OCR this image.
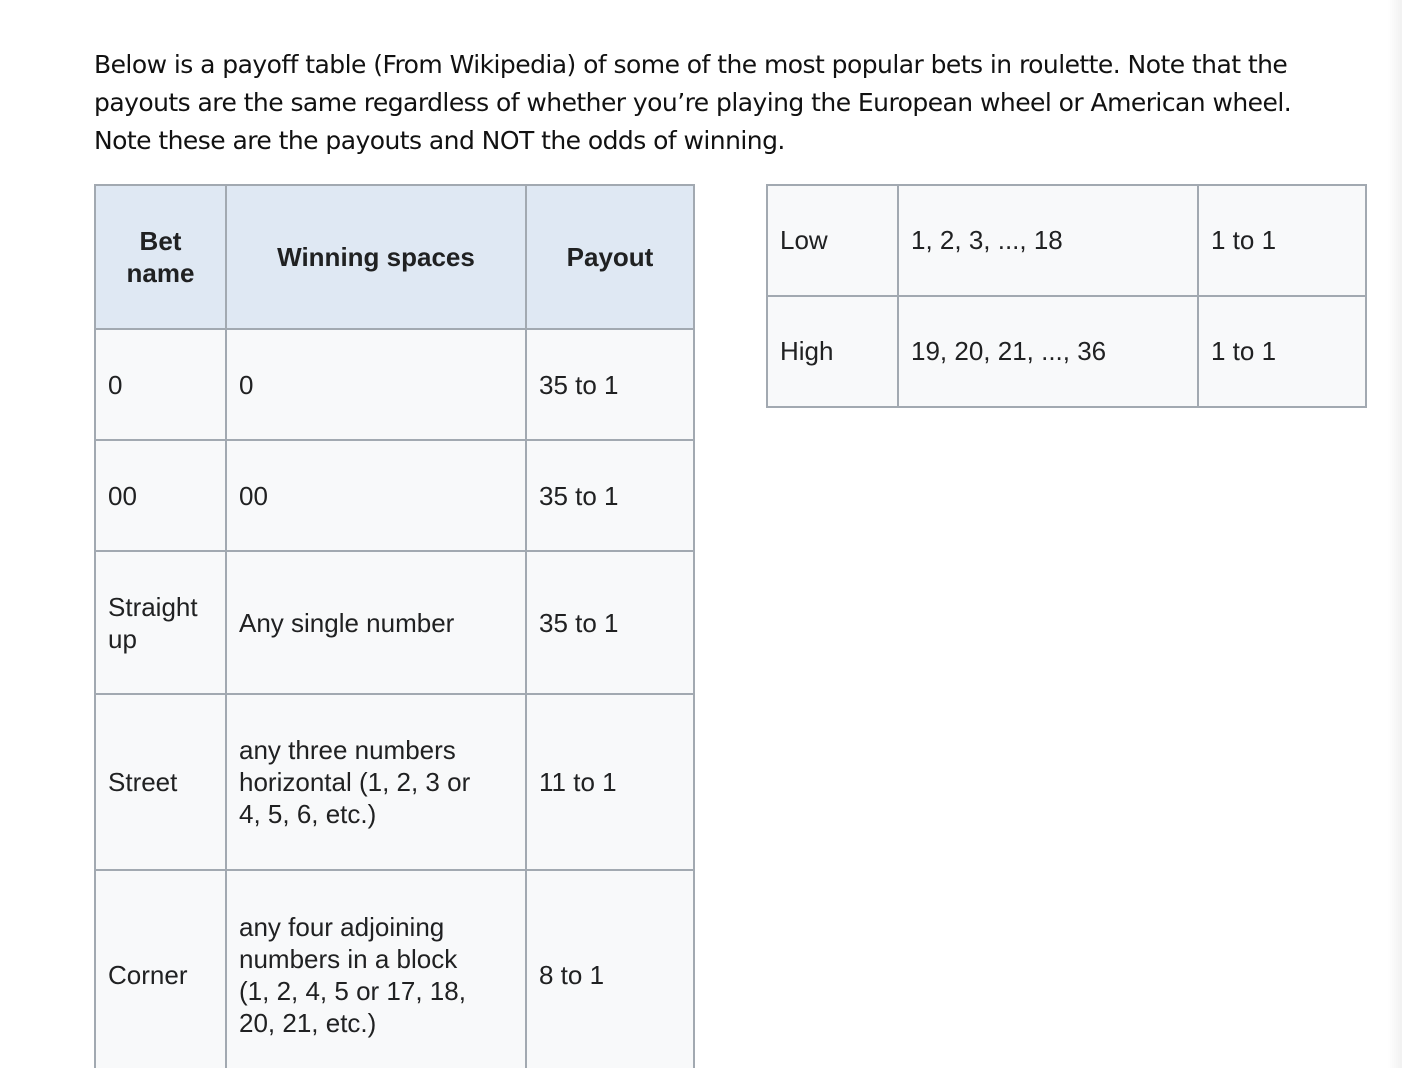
Below is a payoff table (From Wikipedia) of some of the most popular bets in roulette. Note that the
payouts are the same regardless of whether you’re playing the European wheel or American wheel.
Note these are the payouts and NOT the odds of winning.

Bet
name	Winning spaces	Payout
0	0	35 to 1
00	00	35 to 1
Straight
up	Any single number	35 to 1
Street	any three numbers
horizontal (1, 2, 3 or
4, 5, 6, etc.)	11 to 1
Corner	any four adjoining
numbers in a block
(1, 2, 4, 5 or 17, 18,
20, 21, etc.)	8 to 1
Low	1, 2, 3, ..., 18	1 to 1
High	19, 20, 21, ..., 36	1 to 1
